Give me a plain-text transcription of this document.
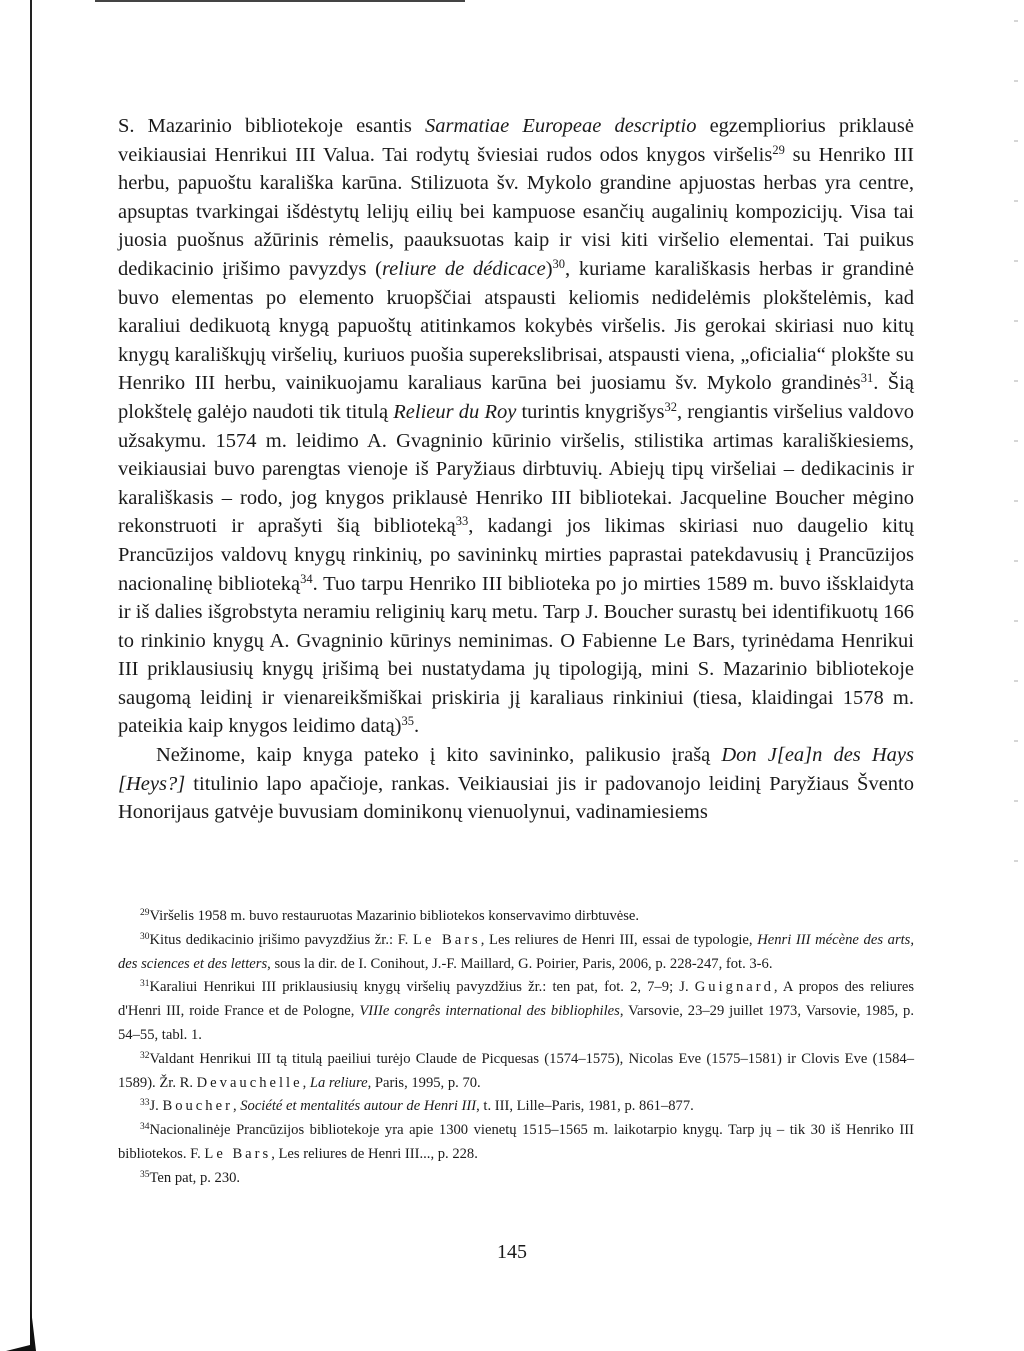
S. Mazarinio bibliotekoje esantis Sarmatiae Europeae descriptio egzempliorius priklausė veikiausiai Henrikui III Valua. Tai rodytų šviesiai rudos odos knygos viršelis$^{29}$ su Henriko III herbu, papuoštu karališka karūna. Stilizuota šv. Mykolo grandine apjuostas herbas yra centre, apsuptas tvarkingai išdėstytų lelijų eilių bei kampuose esančių augalinių kompozicijų. Visa tai juosia puošnus ažūrinis rėmelis, paauksuotas kaip ir visi kiti viršelio elementai. Tai puikus dedikacinio įrišimo pavyzdys (reliure de dédicace)$^{30}$, kuriame karališkasis herbas ir grandinė buvo elementas po elemento kruopščiai atspausti keliomis nedidelėmis plokštelėmis, kad karaliui dedikuotą knygą papuoštų atitinkamos kokybės viršelis. Jis gerokai skiriasi nuo kitų knygų karališkųjų viršelių, kuriuos puošia superekslibrisai, atspausti viena, „oficialia“ plokšte su Henriko III herbu, vainikuojamu karaliaus karūna bei juosiamu šv. Mykolo grandinės$^{31}$. Šią plokštelę galėjo naudoti tik titulą Relieur du Roy turintis knygrišys$^{32}$, rengiantis viršelius valdovo užsakymu. 1574 m. leidimo A. Gvagninio kūrinio viršelis, stilistika artimas karališkiesiems, veikiausiai buvo parengtas vienoje iš Paryžiaus dirbtuvių. Abiejų tipų viršeliai – dedikacinis ir karališkasis – rodo, jog knygos priklausė Henriko III bibliotekai. Jacqueline Boucher mėgino rekonstruoti ir aprašyti šią biblioteką$^{33}$, kadangi jos likimas skiriasi nuo daugelio kitų Prancūzijos valdovų knygų rinkinių, po savininkų mirties paprastai patekdavusių į Prancūzijos nacionalinę biblioteką$^{34}$. Tuo tarpu Henriko III biblioteka po jo mirties 1589 m. buvo išsklaidyta ir iš dalies išgrobstyta neramiu religinių karų metu. Tarp J. Boucher surastų bei identifikuotų 166 to rinkinio knygų A. Gvagninio kūrinys neminimas. O Fabienne Le Bars, tyrinėdama Henrikui III priklausiusių knygų įrišimą bei nustatydama jų tipologiją, mini S. Mazarinio bibliotekoje saugomą leidinį ir vienareikšmiškai priskiria jį karaliaus rinkiniui (tiesa, klaidingai 1578 m. pateikia kaip knygos leidimo datą)$^{35}$.

Nežinome, kaip knyga pateko į kito savininko, palikusio įrašą Don J[ea]n des Hays [Heys?] titulinio lapo apačioje, rankas. Veikiausiai jis ir padovanojo leidinį Paryžiaus Švento Honorijaus gatvėje buvusiam dominikonų vienuolynui, vadinamiesiems

$^{29}$Viršelis 1958 m. buvo restauruotas Mazarinio bibliotekos konservavimo dirbtuvėse.

$^{30}$Kitus dedikacinio įrišimo pavyzdžius žr.: F. Le Bars, Les reliures de Henri III, essai de typologie, Henri III mécène des arts, des sciences et des letters, sous la dir. de I. Conihout, J.-F. Maillard, G. Poirier, Paris, 2006, p. 228-247, fot. 3-6.

$^{31}$Karaliui Henrikui III priklausiusių knygų viršelių pavyzdžius žr.: ten pat, fot. 2, 7–9; J. Guignard, A propos des reliures d'Henri III, roide France et de Pologne, VIIIe congrês international des bibliophiles, Varsovie, 23–29 juillet 1973, Varsovie, 1985, p. 54–55, tabl. 1.

$^{32}$Valdant Henrikui III tą titulą paeiliui turėjo Claude de Picquesas (1574–1575), Nicolas Eve (1575–1581) ir Clovis Eve (1584–1589). Žr. R. Devauchelle, La reliure, Paris, 1995, p. 70.

$^{33}$J. Boucher, Société et mentalités autour de Henri III, t. III, Lille–Paris, 1981, p. 861–877.

$^{34}$Nacionalinėje Prancūzijos bibliotekoje yra apie 1300 vienetų 1515–1565 m. laikotarpio knygų. Tarp jų – tik 30 iš Henriko III bibliotekos. F. Le Bars, Les reliures de Henri III..., p. 228.

$^{35}$Ten pat, p. 230.

145
